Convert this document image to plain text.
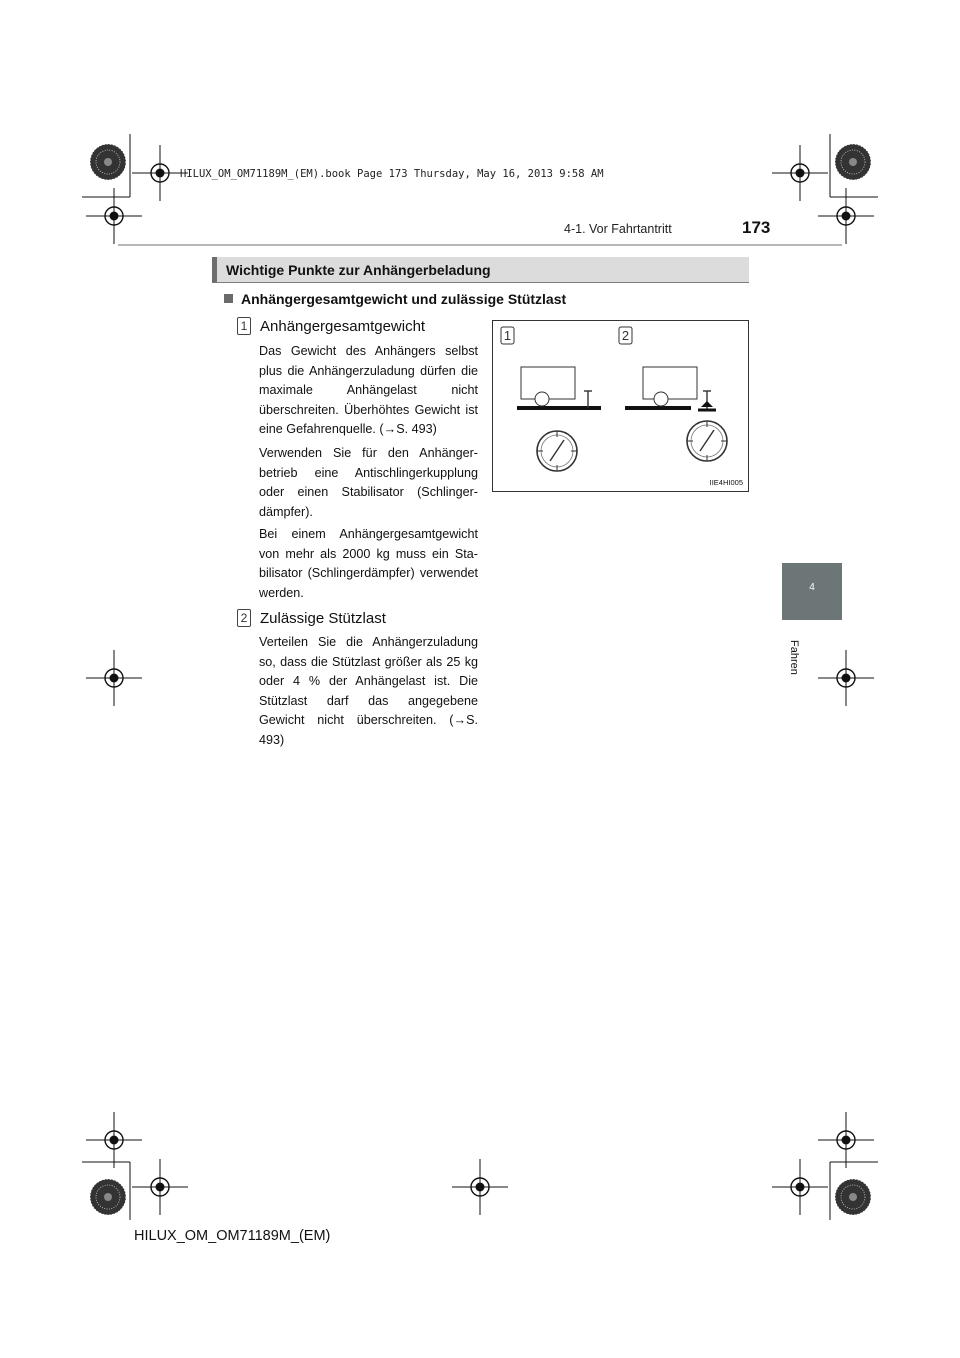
HILUX_OM_OM71189M_(EM).book Page 173 Thursday, May 16, 2013 9:58 AM
4-1. Vor Fahrtantritt	173
Wichtige Punkte zur Anhängerbeladung
Anhängergesamtgewicht und zulässige Stützlast
1 Anhängergesamtgewicht

Das Gewicht des Anhängers selbst plus die Anhängerzuladung dürfen die maximale Anhängelast nicht überschreiten. Überhöhtes Gewicht ist eine Gefahrenquelle. (→S. 493)

Verwenden Sie für den Anhängerbetrieb eine Antischlingerkupplung oder einen Stabilisator (Schlingerdämpfer).

Bei einem Anhängergesamtgewicht von mehr als 2000 kg muss ein Stabilisator (Schlingerdämpfer) verwendet werden.

2 Zulässige Stützlast

Verteilen Sie die Anhängerzuladung so, dass die Stützlast größer als 25 kg oder 4 % der Anhängelast ist. Die Stützlast darf das angegebene Gewicht nicht überschreiten. (→S. 493)

1	2
IIE4HI005
4
Fahren
HILUX_OM_OM71189M_(EM)
